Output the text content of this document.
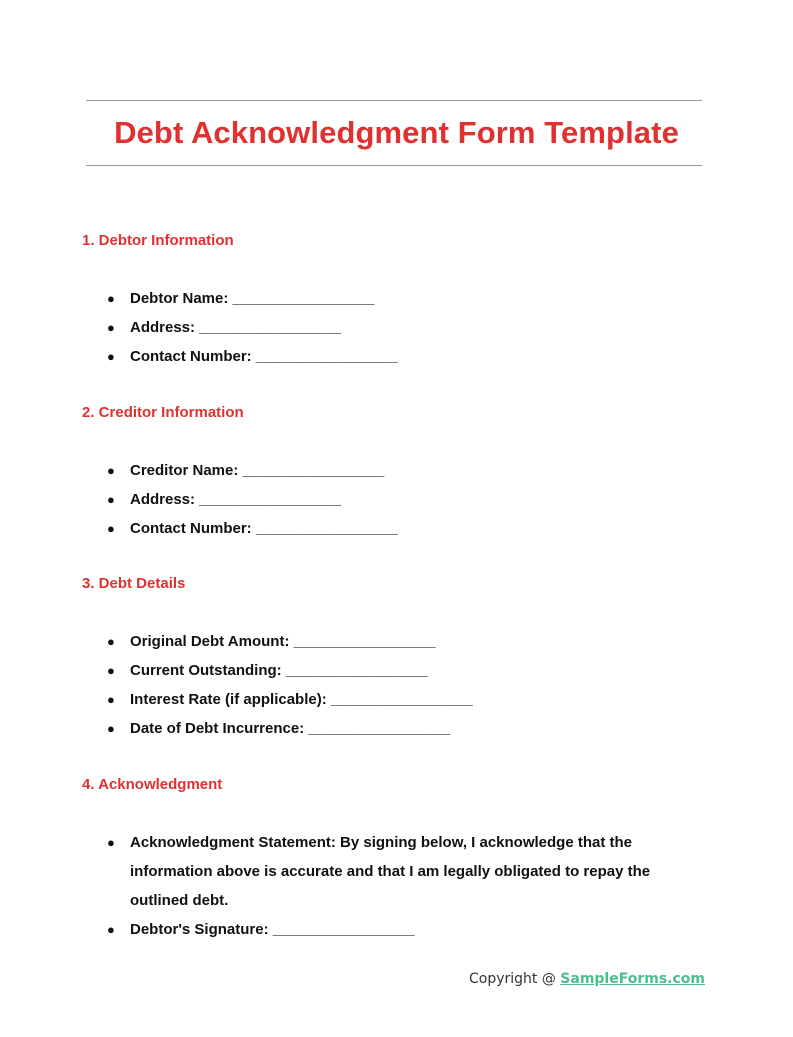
Debt Acknowledgment Form Template
1. Debtor Information
● Debtor Name: _________________
● Address: _________________
● Contact Number: _________________
2. Creditor Information
● Creditor Name: _________________
● Address: _________________
● Contact Number: _________________
3. Debt Details
● Original Debt Amount: _________________
● Current Outstanding: _________________
● Interest Rate (if applicable): _________________
● Date of Debt Incurrence: _________________
4. Acknowledgment
● Acknowledgment Statement: By signing below, I acknowledge that the information above is accurate and that I am legally obligated to repay the outlined debt.
● Debtor's Signature: _________________
Copyright @ SampleForms.com
